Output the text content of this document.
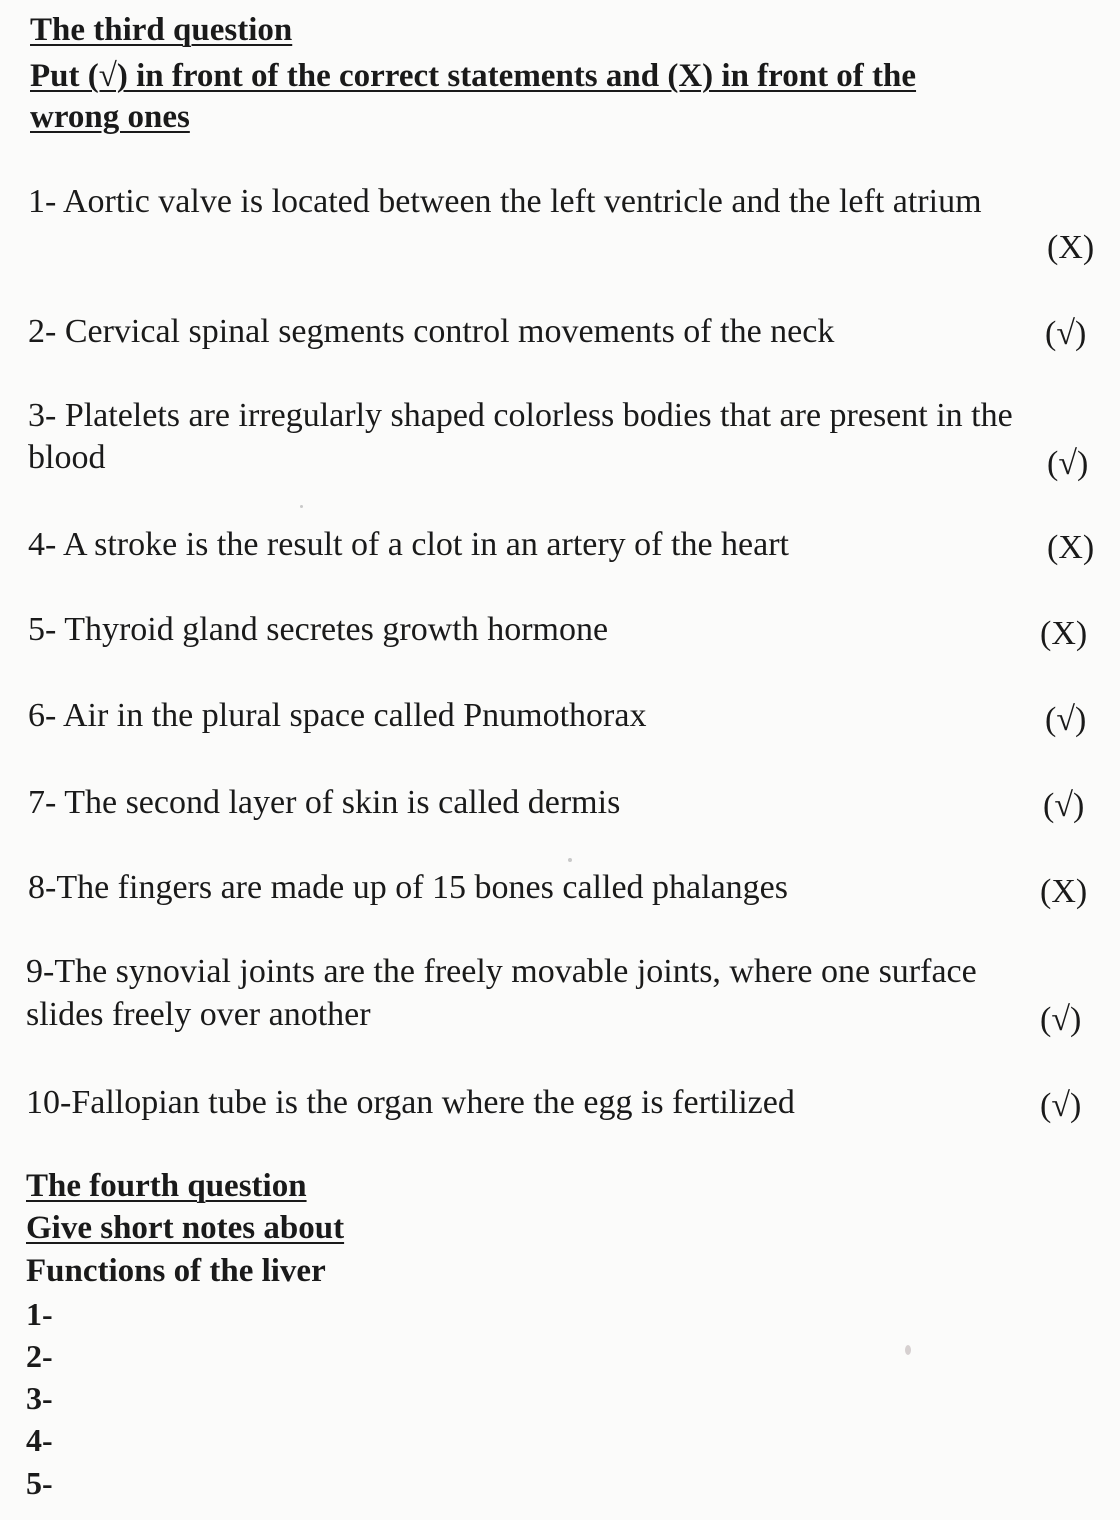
The third question
Put (√) in front of the correct statements and (X) in front of the
wrong ones
1- Aortic valve is located between the left ventricle and the left atrium
(X)
2- Cervical spinal segments control movements of the neck	(√)
3- Platelets are irregularly shaped colorless bodies that are present in the
blood	(√)
4- A stroke is the result of a clot in an artery of the heart	(X)
5- Thyroid gland secretes growth hormone	(X)
6- Air in the plural space called Pnumothorax	(√)
7- The second layer of skin is called dermis	(√)
8-The fingers are made up of 15 bones called phalanges	(X)
9-The synovial joints are the freely movable joints, where one surface
slides freely over another	(√)
10-Fallopian tube is the organ where the egg is fertilized	(√)
The fourth question
Give short notes about
Functions of the liver
1-
2-
3-
4-
5-
